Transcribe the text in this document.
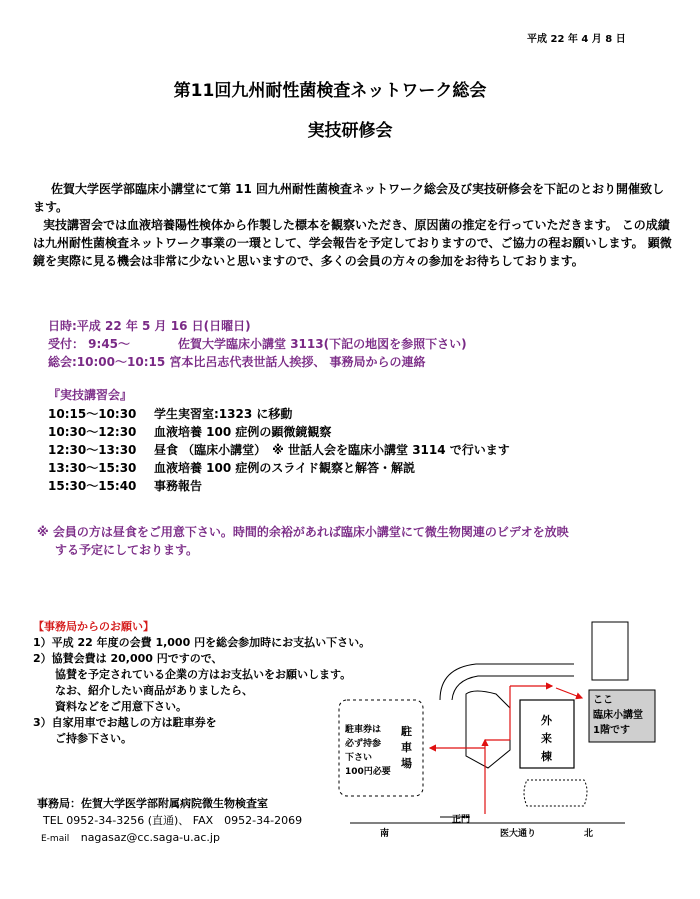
平成 22 年 4 月 8 日
第11回九州耐性菌検査ネットワーク総会
実技研修会

佐賀大学医学部臨床小講堂にて第 11 回九州耐性菌検査ネットワーク総会及び実技研修会を下記のとおり開催致します。

実技講習会では血液培養陽性検体から作製した標本を観察いただき、原因菌の推定を行っていただきます。 この成績は九州耐性菌検査ネットワーク事業の一環として、学会報告を予定しておりますので、ご協力の程お願いします。 顕微鏡を実際に見る機会は非常に少ないと思いますので、多くの会員の方々の参加をお待ちしております。

日時:平成 22 年 5 月 16 日(日曜日)
受付： 9:45～　　　　佐賀大学臨床小講堂 3113(下記の地図を参照下さい)
総会:10:00～10:15 宮本比呂志代表世話人挨拶、 事務局からの連絡
『実技講習会』
10:15～10:30	学生実習室:1323 に移動
10:30～12:30	血液培養 100 症例の顕微鏡観察
12:30～13:30	昼食 （臨床小講堂）　※ 世話人会を臨床小講堂 3114 で行います
13:30～15:30	血液培養 100 症例のスライド観察と解答・解説
15:30～15:40	事務報告
※ 会員の方は昼食をご用意下さい。時間的余裕があれば臨床小講堂にて微生物関連のビデオを放映
する予定にしております。
【事務局からのお願い】
1）平成 22 年度の会費 1,000 円を総会参加時にお支払い下さい。
2）協賛会費は 20,000 円ですので、
協賛を予定されている企業の方はお支払いをお願いします。
なお、紹介したい商品がありましたら、
資料などをご用意下さい。
3）自家用車でお越しの方は駐車券を
ご持参下さい。
事務局：佐賀大学医学部附属病院微生物検査室
TEL 0952-34-3256 (直通)、 FAX　0952-34-2069
E-mail nagasaz@cc.saga-u.ac.jp
駐車券は
必ず持参
下さい
100円必要
駐
車
場
外
来
棟
ここ
臨床小講堂
1階です
正門
南	医大通り	北
